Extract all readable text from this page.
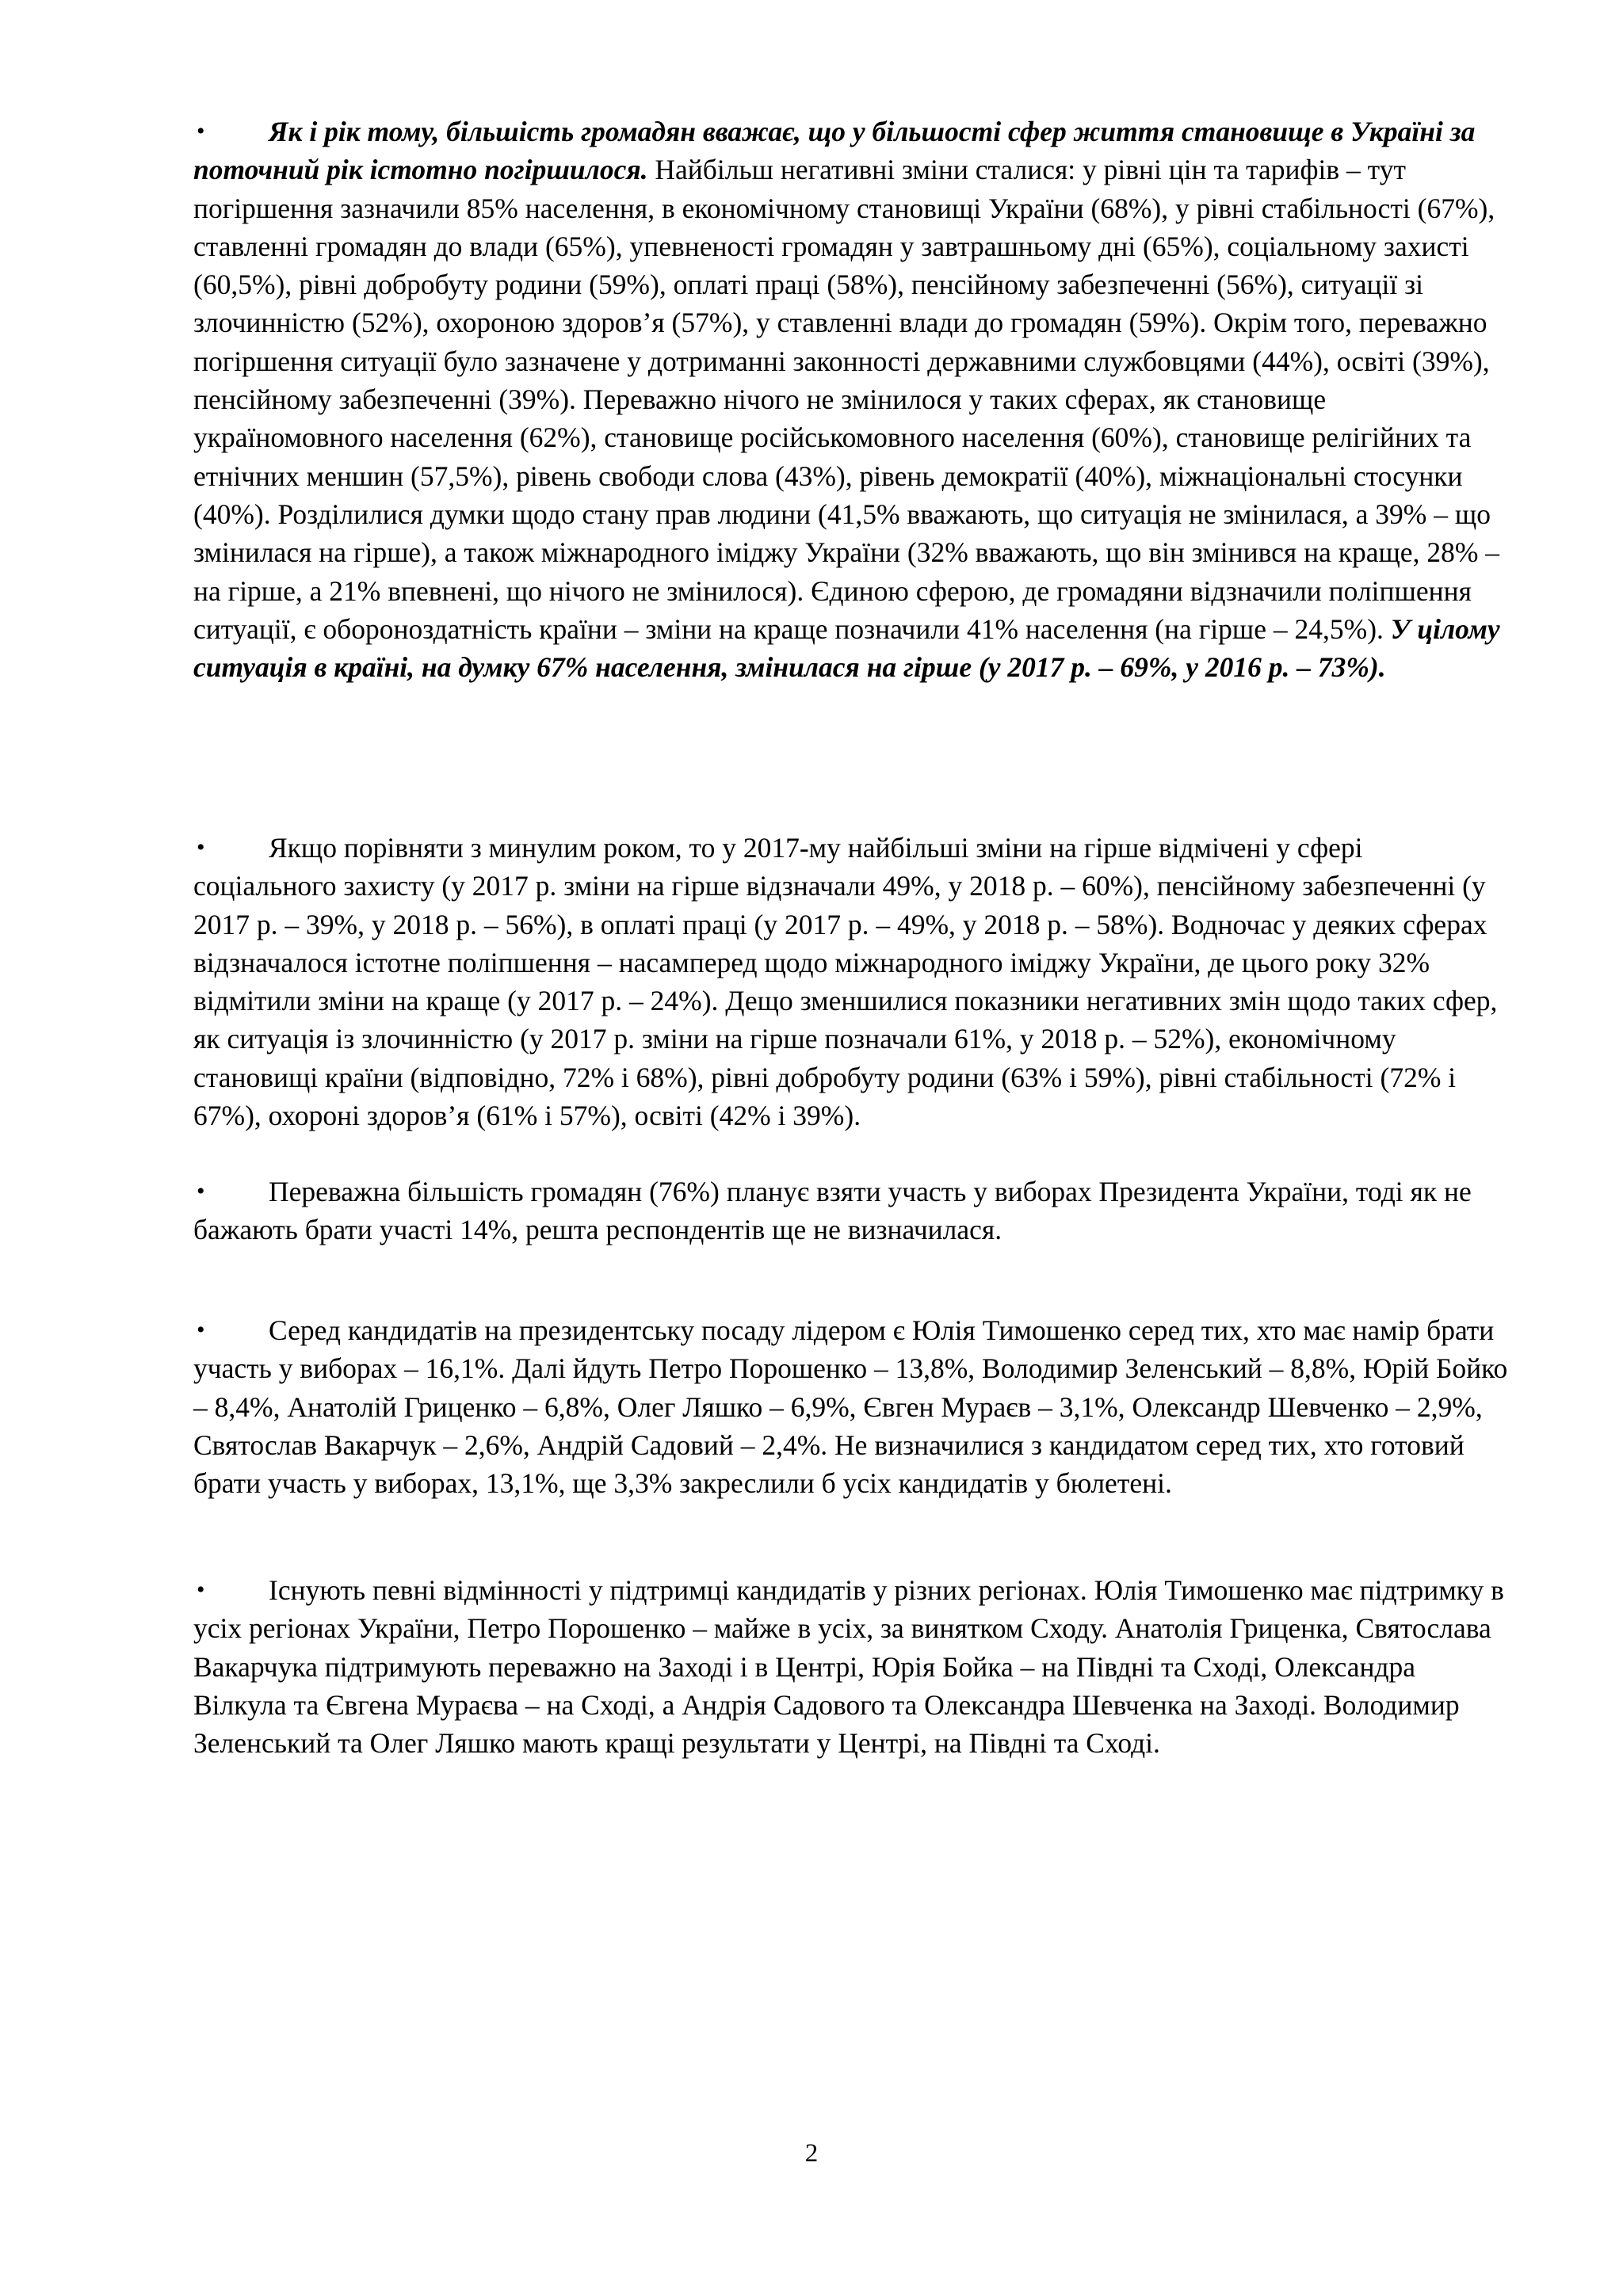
•	Як і рік тому, більшість громадян вважає, що у більшості сфер життя становище в Україні за поточний рік істотно погіршилося. Найбільш негативні зміни сталися: у рівні цін та тарифів – тут погіршення зазначили 85% населення, в економічному становищі України (68%), у рівні стабільності (67%), ставленні громадян до влади (65%), упевненості громадян у завтрашньому дні (65%), соціальному захисті (60,5%), рівні добробуту родини (59%), оплаті праці (58%), пенсійному забезпеченні (56%), ситуації зі злочинністю (52%), охороною здоров’я (57%), у ставленні влади до громадян (59%). Окрім того, переважно погіршення ситуації було зазначене у дотриманні законності державними службовцями (44%), освіті (39%), пенсійному забезпеченні (39%). Переважно нічого не змінилося у таких сферах, як становище україномовного населення (62%), становище російськомовного населення (60%), становище релігійних та етнічних меншин (57,5%), рівень свободи слова (43%), рівень демократії (40%), міжнаціональні стосунки (40%). Розділилися думки щодо стану прав людини (41,5% вважають, що ситуація не змінилася, а 39% – що змінилася на гірше), а також міжнародного іміджу України (32% вважають, що він змінився на краще, 28% – на гірше, а 21% впевнені, що нічого не змінилося). Єдиною сферою, де громадяни відзначили поліпшення ситуації, є обороноздатність країни – зміни на краще позначили 41% населення (на гірше – 24,5%). У цілому ситуація в країні, на думку 67% населення, змінилася на гірше (у 2017 р. – 69%, у 2016 р. – 73%).

•	Якщо порівняти з минулим роком, то у 2017-му найбільші зміни на гірше відмічені у сфері соціального захисту (у 2017 р. зміни на гірше відзначали 49%, у 2018 р. – 60%), пенсійному забезпеченні (у 2017 р. – 39%, у 2018 р. – 56%), в оплаті праці (у 2017 р. – 49%, у 2018 р. – 58%). Водночас у деяких сферах відзначалося істотне поліпшення – насамперед щодо міжнародного іміджу України, де цього року 32% відмітили зміни на краще (у 2017 р. – 24%). Дещо зменшилися показники негативних змін щодо таких сфер, як ситуація із злочинністю (у 2017 р. зміни на гірше позначали 61%, у 2018 р. – 52%), економічному становищі країни (відповідно, 72% і 68%), рівні добробуту родини (63% і 59%), рівні стабільності (72% і 67%), охороні здоров’я (61% і 57%), освіті (42% і 39%).

•	Переважна більшість громадян (76%) планує взяти участь у виборах Президента України, тоді як не бажають брати участі 14%, решта респондентів ще не визначилася.

•	Серед кандидатів на президентську посаду лідером є Юлія Тимошенко серед тих, хто має намір брати участь у виборах – 16,1%. Далі йдуть Петро Порошенко – 13,8%, Володимир Зеленський – 8,8%, Юрій Бойко – 8,4%, Анатолій Гриценко – 6,8%, Олег Ляшко – 6,9%, Євген Мураєв – 3,1%, Олександр Шевченко – 2,9%, Святослав Вакарчук – 2,6%, Андрій Садовий – 2,4%. Не визначилися з кандидатом серед тих, хто готовий брати участь у виборах, 13,1%, ще 3,3% закреслили б усіх кандидатів у бюлетені.

•	Існують певні відмінності у підтримці кандидатів у різних регіонах. Юлія Тимошенко має підтримку в усіх регіонах України, Петро Порошенко – майже в усіх, за винятком Сходу. Анатолія Гриценка, Святослава Вакарчука підтримують переважно на Заході і в Центрі, Юрія Бойка – на Півдні та Сході, Олександра Вілкула та Євгена Мураєва – на Сході, а Андрія Садового та Олександра Шевченка на Заході. Володимир Зеленський та Олег Ляшко мають кращі результати у Центрі, на Півдні та Сході.

2
